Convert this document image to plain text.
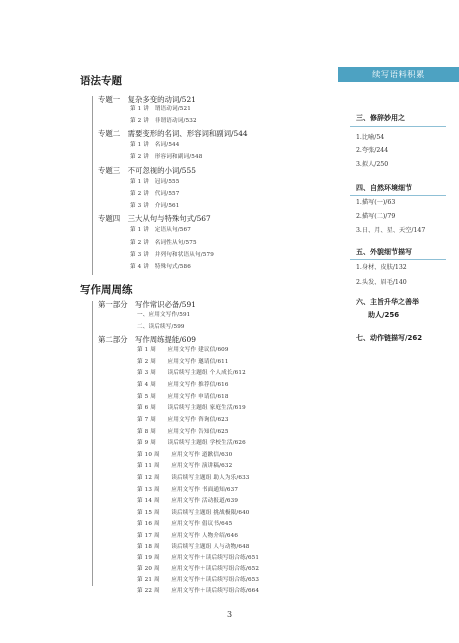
语法专题
专题一　复杂多变的动词/521
第 1 讲　谓语动词/521
第 2 讲　非谓语动词/532
专题二　需要变形的名词、形容词和副词/544
第 1 讲　名词/544
第 2 讲　形容词和副词/548
专题三　不可忽视的小词/555
第 1 讲　冠词/555
第 2 讲　代词/557
第 3 讲　介词/561
专题四　三大从句与特殊句式/567
第 1 讲　定语从句/567
第 2 讲　名词性从句/575
第 3 讲　并列句和状语从句/579
第 4 讲　特殊句式/586
写作周周练
第一部分　写作常识必备/591
一、应用文写作/591
二、读后续写/599
第二部分　写作周练提能/609
第 1 周　　应用文写作 建议信/609
第 2 周　　应用文写作 邀请信/611
第 3 周　　读后续写主题组 个人成长/612
第 4 周　　应用文写作 推荐信/616
第 5 周　　应用文写作 申请信/618
第 6 周　　读后续写主题组 家庭生活/619
第 7 周　　应用文写作 咨询信/623
第 8 周　　应用文写作 告知信/625
第 9 周　　读后续写主题组 学校生活/626
第 10 周　　应用文写作 道歉信/630
第 11 周　　应用文写作 演讲稿/632
第 12 周　　读后续写主题组 助人为乐/633
第 13 周　　应用文写作 书面通知/637
第 14 周　　应用文写作 活动报道/639
第 15 周　　读后续写主题组 挑战极限/640
第 16 周　　应用文写作 倡议书/645
第 17 周　　应用文写作 人物介绍/646
第 18 周　　读后续写主题组 人与动物/648
第 19 周　　应用文写作＋读后续写组合练/651
第 20 周　　应用文写作＋读后续写组合练/652
第 21 周　　应用文写作＋读后续写组合练/653
第 22 周　　应用文写作＋读后续写组合练/664
续写语料积累
三、修辞妙用之
1.比喻/54
2.夸张/244
3.拟人/250
四、自然环境细节
1.描写(一)/63
2.描写(二)/79
3.日、月、星、天空/147
五、外貌细节描写
1.身材、皮肤/132
2.头发、眉毛/140
六、主旨升华之善举
助人/256
七、动作链描写/262
3
